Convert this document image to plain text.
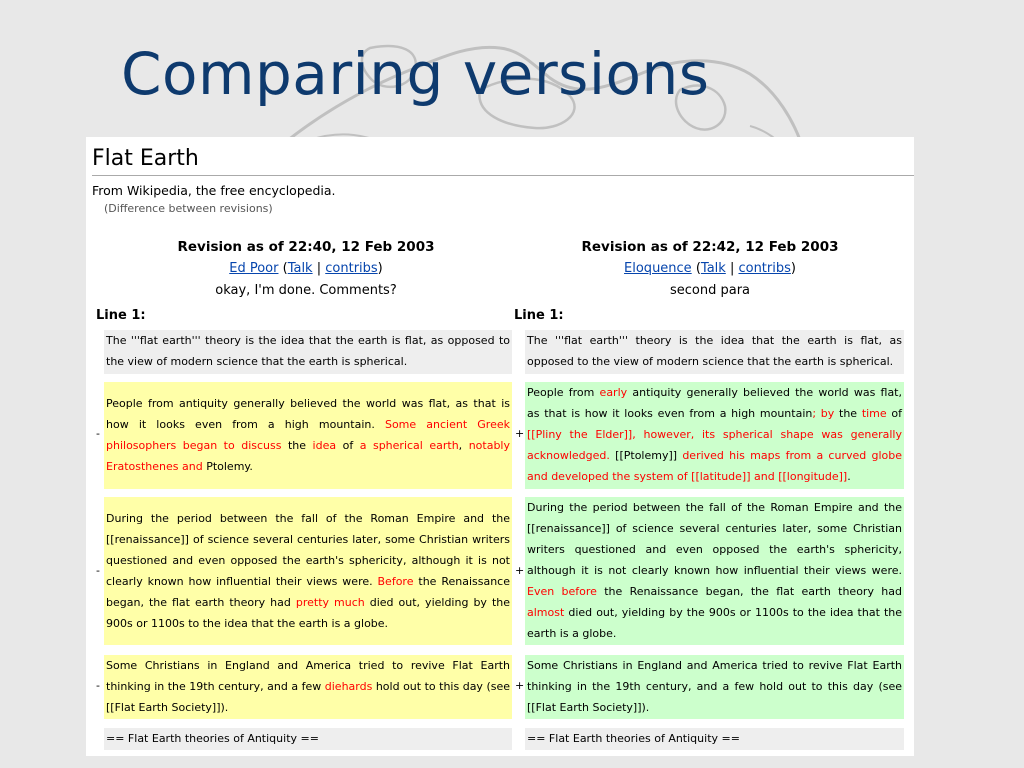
Comparing versions
Flat Earth
From Wikipedia, the free encyclopedia.
(Difference between revisions)
Revision as of 22:40, 12 Feb 2003
Ed Poor (Talk | contribs)
okay, I'm done. Comments?
Revision as of 22:42, 12 Feb 2003
Eloquence (Talk | contribs)
second para
Line 1:	Line 1:
The '''flat earth''' theory is the idea that the earth is flat, as opposed to the view of modern science that the earth is spherical.
The '''flat earth''' theory is the idea that the earth is flat, as opposed to the view of modern science that the earth is spherical.
-
People from antiquity generally believed the world was flat, as that is how it looks even from a high mountain. Some ancient Greek philosophers began to discuss the idea of a spherical earth, notably Eratosthenes and Ptolemy.
+
People from early antiquity generally believed the world was flat, as that is how it looks even from a high mountain; by the time of [[Pliny the Elder]], however, its spherical shape was generally acknowledged. [[Ptolemy]] derived his maps from a curved globe and developed the system of [[latitude]] and [[longitude]].
-
During the period between the fall of the Roman Empire and the [[renaissance]] of science several centuries later, some Christian writers questioned and even opposed the earth's sphericity, although it is not clearly known how influential their views were. Before the Renaissance began, the flat earth theory had pretty much died out, yielding by the 900s or 1100s to the idea that the earth is a globe.
+
During the period between the fall of the Roman Empire and the [[renaissance]] of science several centuries later, some Christian writers questioned and even opposed the earth's sphericity, although it is not clearly known how influential their views were. Even before the Renaissance began, the flat earth theory had almost died out, yielding by the 900s or 1100s to the idea that the earth is a globe.
-
Some Christians in England and America tried to revive Flat Earth thinking in the 19th century, and a few diehards hold out to this day (see [[Flat Earth Society]]).
+
Some Christians in England and America tried to revive Flat Earth thinking in the 19th century, and a few hold out to this day (see [[Flat Earth Society]]).
== Flat Earth theories of Antiquity ==	== Flat Earth theories of Antiquity ==
